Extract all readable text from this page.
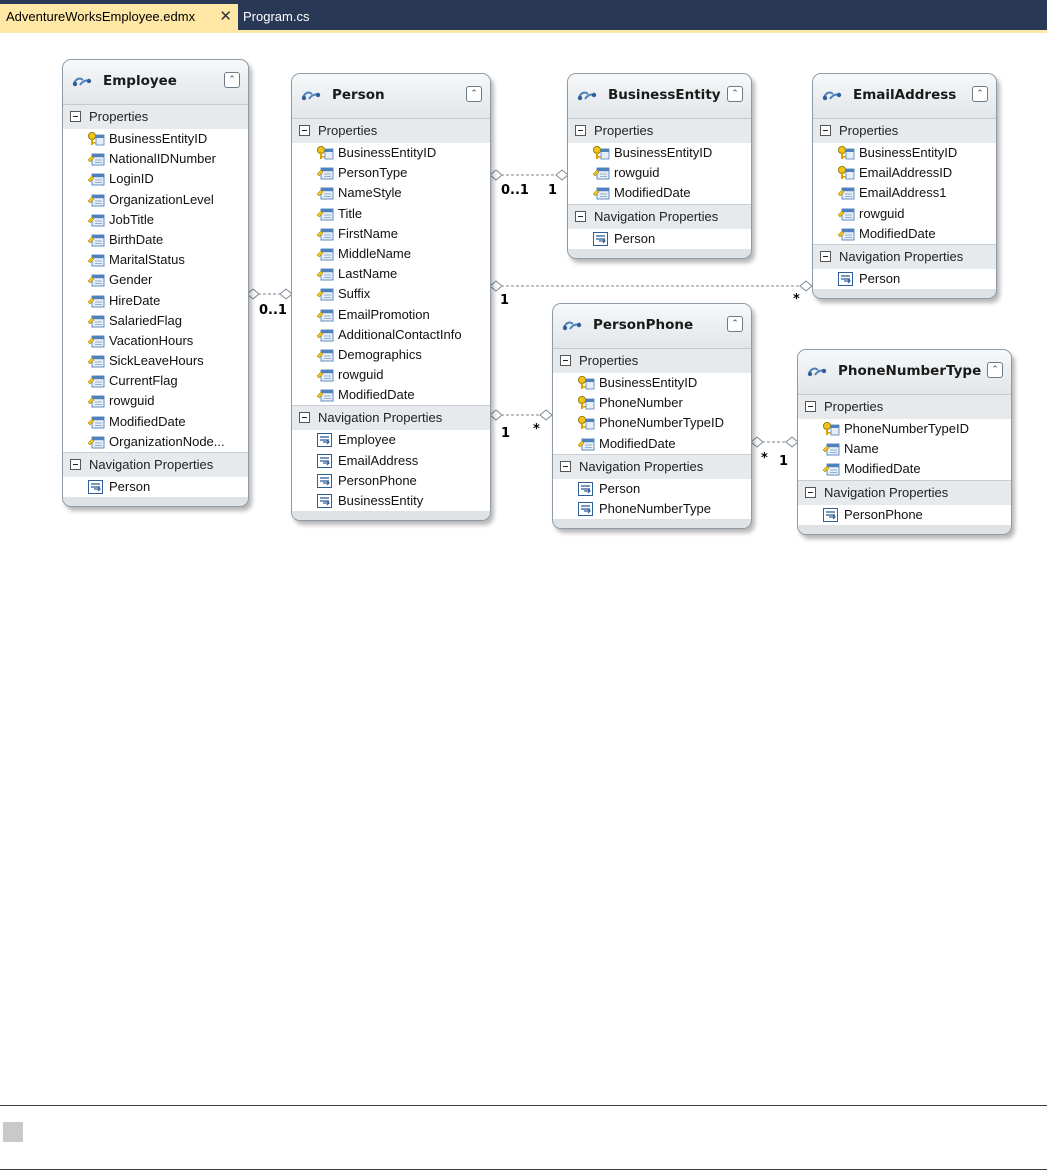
AdventureWorksEmployee.edmx ✕ Program.cs
0..1
0..1 1
1	*
1 *
* 1
Employee	⌃
Properties
BusinessEntityID
NationalIDNumber
LoginID
OrganizationLevel
JobTitle
BirthDate
MaritalStatus
Gender
HireDate
SalariedFlag
VacationHours
SickLeaveHours
CurrentFlag
rowguid
ModifiedDate
OrganizationNode...
Navigation Properties
Person
Person	⌃
Properties
BusinessEntityID
PersonType
NameStyle
Title
FirstName
MiddleName
LastName
Suffix
EmailPromotion
AdditionalContactInfo
Demographics
rowguid
ModifiedDate
Navigation Properties
Employee
EmailAddress
PersonPhone
BusinessEntity
BusinessEntity	⌃
Properties
BusinessEntityID
rowguid
ModifiedDate
Navigation Properties
Person
EmailAddress	⌃
Properties
BusinessEntityID
EmailAddressID
EmailAddress1
rowguid
ModifiedDate
Navigation Properties
Person
PersonPhone	⌃
Properties
BusinessEntityID
PhoneNumber
PhoneNumberTypeID
ModifiedDate
Navigation Properties
Person
PhoneNumberType
PhoneNumberType	⌃
Properties
PhoneNumberTypeID
Name
ModifiedDate
Navigation Properties
PersonPhone
